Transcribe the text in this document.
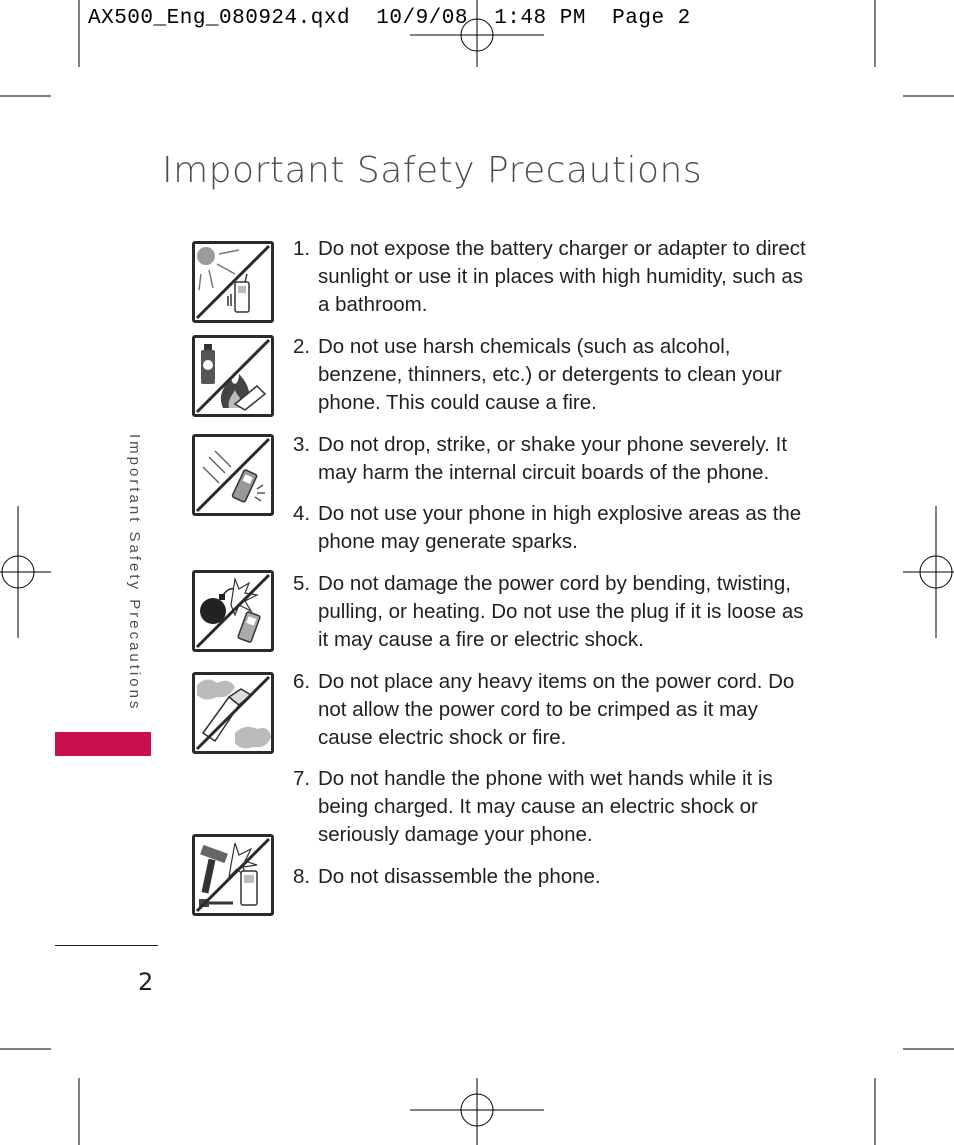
AX500_Eng_080924.qxd 10/9/08 1:48 PM Page 2
Important Safety Precautions
Important Safety Precautions
2
1. Do not expose the battery charger or adapter to direct sunlight or use it in places with high humidity, such as a bathroom.
2. Do not use harsh chemicals (such as alcohol, benzene, thinners, etc.) or detergents to clean your phone. This could cause a fire.
3. Do not drop, strike, or shake your phone severely. It may harm the internal circuit boards of the phone.
4. Do not use your phone in high explosive areas as the phone may generate sparks.
5. Do not damage the power cord by bending, twisting, pulling, or heating. Do not use the plug if it is loose as it may cause a fire or electric shock.
6. Do not place any heavy items on the power cord. Do not allow the power cord to be crimped as it may cause electric shock or fire.
7. Do not handle the phone with wet hands while it is being charged. It may cause an electric shock or seriously damage your phone.
8. Do not disassemble the phone.
